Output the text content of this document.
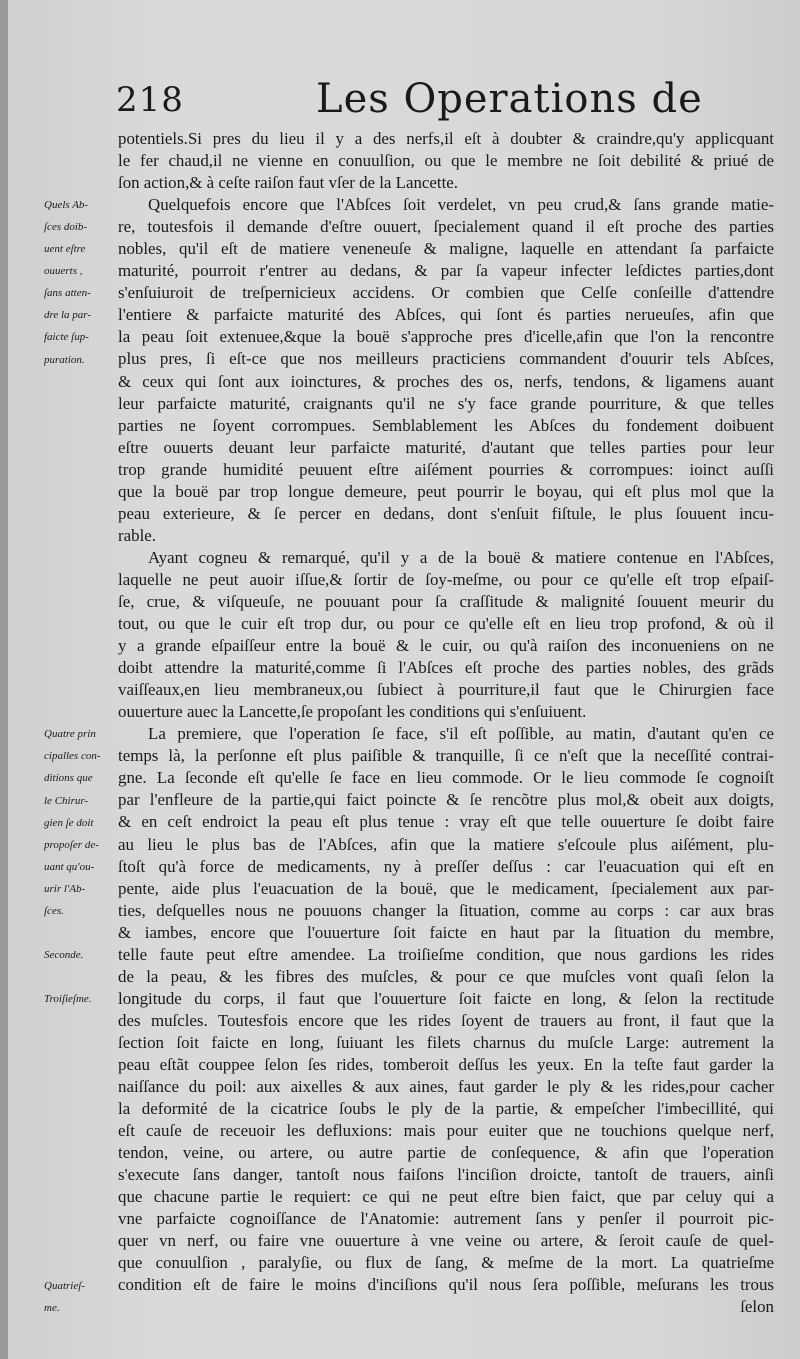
218	Les Operations de
potentiels.Si pres du lieu il y a des nerfs,il eſt à doubter & craindre,qu'y applicquant
le fer chaud,il ne vienne en conuulſion, ou que le membre ne ſoit debilité & priué de
ſon action,& à ceſte raiſon faut vſer de la Lancette.
Quelquefois encore que l'Abſces ſoit verdelet, vn peu crud,& ſans grande matie-
re, toutesfois il demande d'eſtre ouuert, ſpecialement quand il eſt proche des parties
nobles, qu'il eſt de matiere veneneuſe & maligne, laquelle en attendant ſa parfaicte
maturité, pourroit r'entrer au dedans, & par ſa vapeur infecter leſdictes parties,dont
s'enſuiuroit de treſpernicieux accidens. Or combien que Celſe conſeille d'attendre
l'entiere & parfaicte maturité des Abſces, qui ſont és parties nerueuſes, afin que
la peau ſoit extenuee,&que la bouë s'approche pres d'icelle,afin que l'on la rencontre
plus pres, ſi eſt-ce que nos meilleurs practiciens commandent d'ouurir tels Abſces,
& ceux qui ſont aux ioinctures, & proches des os, nerfs, tendons, & ligamens auant
leur parfaicte maturité, craignants qu'il ne s'y face grande pourriture, & que telles
parties ne ſoyent corrompues. Semblablement les Abſces du fondement doibuent
eſtre ouuerts deuant leur parfaicte maturité, d'autant que telles parties pour leur
trop grande humidité peuuent eſtre aiſément pourries & corrompues: ioinct auſſi
que la bouë par trop longue demeure, peut pourrir le boyau, qui eſt plus mol que la
peau exterieure, & ſe percer en dedans, dont s'enſuit fiſtule, le plus ſouuent incu-
rable.
Ayant cogneu & remarqué, qu'il y a de la bouë & matiere contenue en l'Abſces,
laquelle ne peut auoir iſſue,& ſortir de ſoy-meſme, ou pour ce qu'elle eſt trop eſpaiſ-
ſe, crue, & viſqueuſe, ne pouuant pour ſa craſſitude & malignité ſouuent meurir du
tout, ou que le cuir eſt trop dur, ou pour ce qu'elle eſt en lieu trop profond, & où il
y a grande eſpaiſſeur entre la bouë & le cuir, ou qu'à raiſon des inconueniens on ne
doibt attendre la maturité,comme ſi l'Abſces eſt proche des parties nobles, des grãds
vaiſſeaux,en lieu membraneux,ou ſubiect à pourriture,il faut que le Chirurgien face
ouuerture auec la Lancette,ſe propoſant les conditions qui s'enſuiuent.
La premiere, que l'operation ſe face, s'il eſt poſſible, au matin, d'autant qu'en ce
temps là, la perſonne eſt plus paiſible & tranquille, ſi ce n'eſt que la neceſſité contrai-
gne. La ſeconde eſt qu'elle ſe face en lieu commode. Or le lieu commode ſe cognoiſt
par l'enfleure de la partie,qui faict poincte & ſe rencõtre plus mol,& obeit aux doigts,
& en ceſt endroict la peau eſt plus tenue : vray eſt que telle ouuerture ſe doibt faire
au lieu le plus bas de l'Abſces, afin que la matiere s'eſcoule plus aiſément, plu-
ſtoſt qu'à force de medicaments, ny à preſſer deſſus : car l'euacuation qui eſt en
pente, aide plus l'euacuation de la bouë, que le medicament, ſpecialement aux par-
ties, deſquelles nous ne pouuons changer la ſituation, comme au corps : car aux bras
& iambes, encore que l'ouuerture ſoit faicte en haut par la ſituation du membre,
telle faute peut eſtre amendee. La troiſieſme condition, que nous gardions les rides
de la peau, & les fibres des muſcles, & pour ce que muſcles vont quaſi ſelon la
longitude du corps, il faut que l'ouuerture ſoit faicte en long, & ſelon la rectitude
des muſcles. Toutesfois encore que les rides ſoyent de trauers au front, il faut que la
ſection ſoit faicte en long, ſuiuant les filets charnus du muſcle Large: autrement la
peau eſtãt couppee ſelon ſes rides, tomberoit deſſus les yeux. En la teſte faut garder la
naiſſance du poil: aux aixelles & aux aines, faut garder le ply & les rides,pour cacher
la deformité de la cicatrice ſoubs le ply de la partie, & empeſcher l'imbecillité, qui
eſt cauſe de receuoir les defluxions: mais pour euiter que ne touchions quelque nerf,
tendon, veine, ou artere, ou autre partie de conſequence, & afin que l'operation
s'execute ſans danger, tantoſt nous faiſons l'inciſion droicte, tantoſt de trauers, ainſi
que chacune partie le requiert: ce qui ne peut eſtre bien faict, que par celuy qui a
vne parfaicte cognoiſſance de l'Anatomie: autrement ſans y penſer il pourroit pic-
quer vn nerf, ou faire vne ouuerture à vne veine ou artere, & ſeroit cauſe de quel-
que conuulſion , paralyſie, ou flux de ſang, & meſme de la mort. La quatrieſme
condition eſt de faire le moins d'inciſions qu'il nous ſera poſſible, meſurans les trous
ſelon
Quels Ab-
ſces doib-
uent eſtre
ouuerts ,
ſans atten-
dre la par-
faicte ſup-
puration.
Quatre prin
cipalles con-
ditions que
le Chirur-
gien ſe doit
propoſer de-
uant qu'ou-
urir l'Ab-
ſces.
Seconde.
Troiſieſme.
Quatrieſ-
me.
